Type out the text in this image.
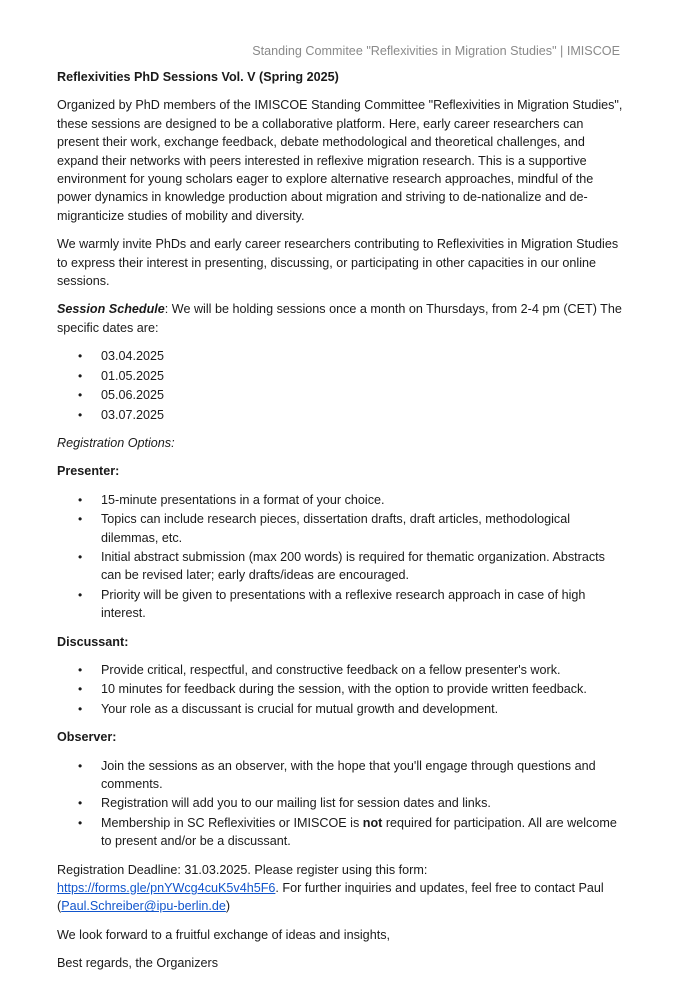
Standing Commitee "Reflexivities in Migration Studies" | IMISCOE
Reflexivities PhD Sessions Vol. V (Spring 2025)

Organized by PhD members of the IMISCOE Standing Committee "Reflexivities in Migration Studies", these sessions are designed to be a collaborative platform. Here, early career researchers can present their work, exchange feedback, debate methodological and theoretical challenges, and expand their networks with peers interested in reflexive migration research. This is a supportive environment for young scholars eager to explore alternative research approaches, mindful of the power dynamics in knowledge production about migration and striving to de-nationalize and de-migranticize studies of mobility and diversity.

We warmly invite PhDs and early career researchers contributing to Reflexivities in Migration Studies to express their interest in presenting, discussing, or participating in other capacities in our online sessions.

Session Schedule: We will be holding sessions once a month on Thursdays, from 2-4 pm (CET) The specific dates are:

• 03.04.2025
• 01.05.2025
• 05.06.2025
• 03.07.2025

Registration Options:

Presenter:

• 15-minute presentations in a format of your choice.
• Topics can include research pieces, dissertation drafts, draft articles, methodological dilemmas, etc.
• Initial abstract submission (max 200 words) is required for thematic organization. Abstracts can be revised later; early drafts/ideas are encouraged.
• Priority will be given to presentations with a reflexive research approach in case of high interest.

Discussant:

• Provide critical, respectful, and constructive feedback on a fellow presenter's work.
• 10 minutes for feedback during the session, with the option to provide written feedback.
• Your role as a discussant is crucial for mutual growth and development.

Observer:

• Join the sessions as an observer, with the hope that you'll engage through questions and comments.
• Registration will add you to our mailing list for session dates and links.
• Membership in SC Reflexivities or IMISCOE is not required for participation. All are welcome to present and/or be a discussant.

Registration Deadline: 31.03.2025. Please register using this form:
https://forms.gle/pnYWcg4cuK5v4h5F6. For further inquiries and updates, feel free to contact Paul (Paul.Schreiber@ipu-berlin.de)

We look forward to a fruitful exchange of ideas and insights,

Best regards, the Organizers
